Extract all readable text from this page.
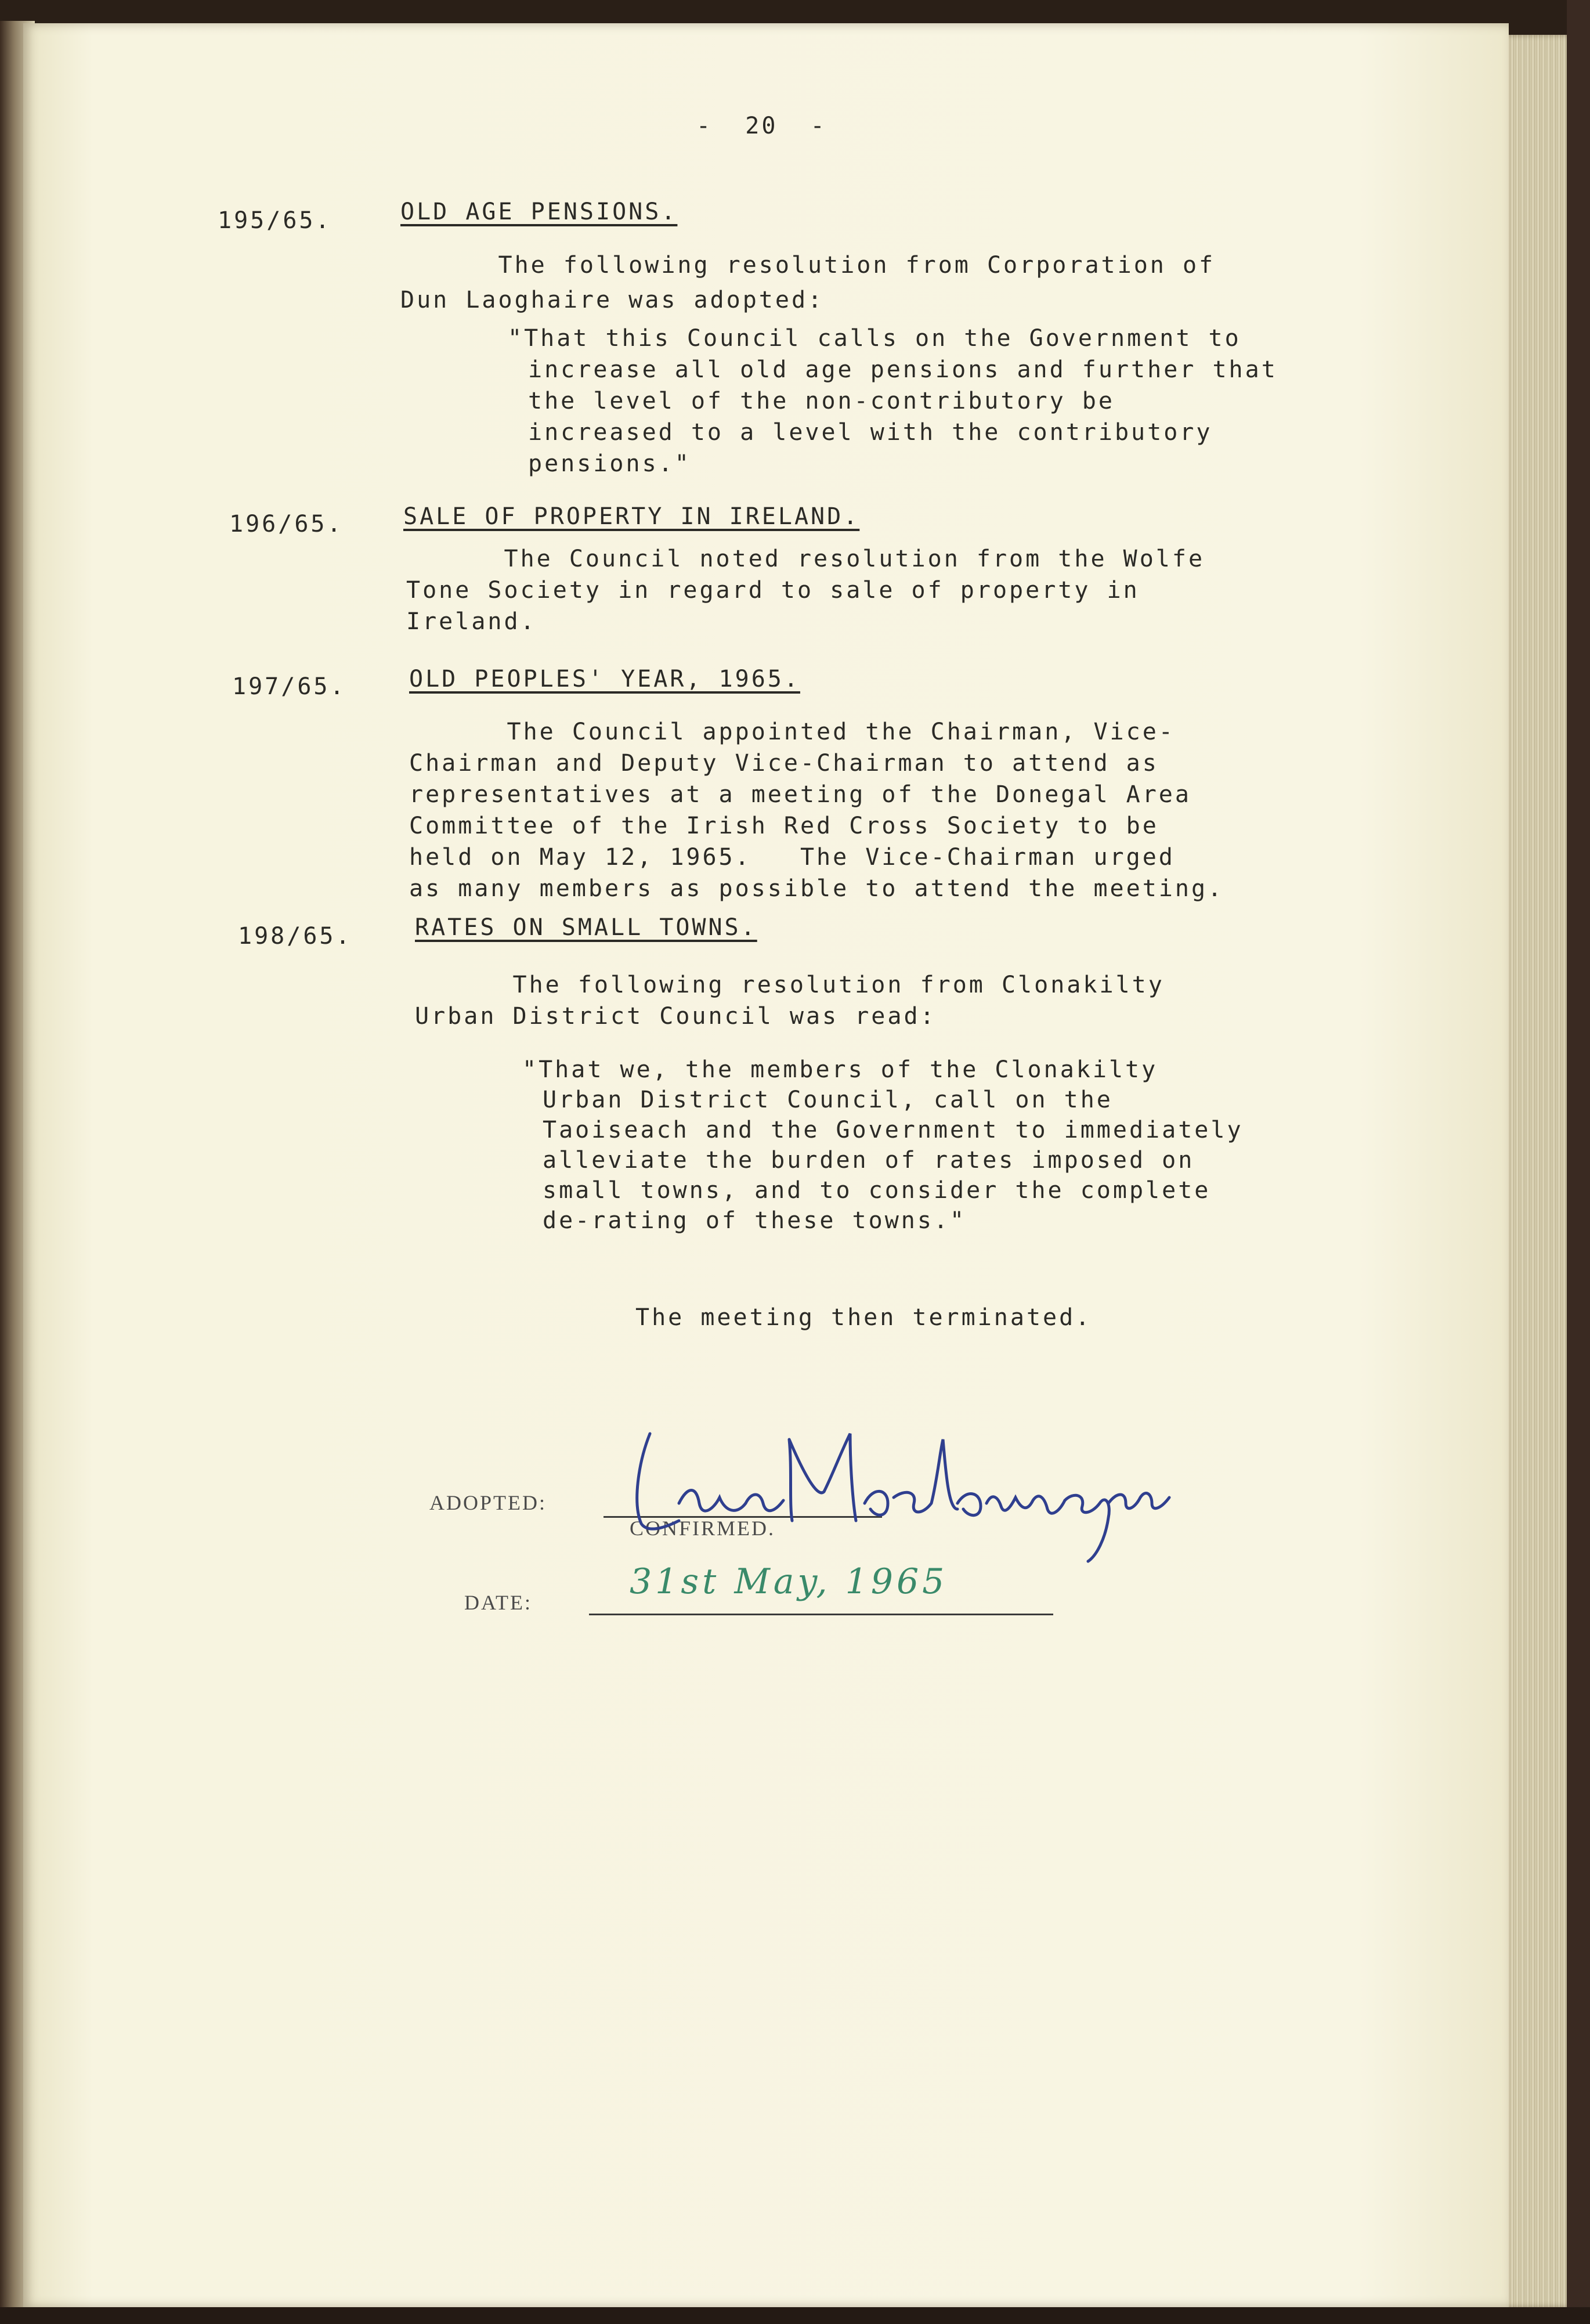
-  20  -
195/65.	OLD AGE PENSIONS.
The following resolution from Corporation of
Dun Laoghaire was adopted:
"That this Council calls on the Government to
increase all old age pensions and further that
the level of the non-contributory be
increased to a level with the contributory
pensions."
196/65.	SALE OF PROPERTY IN IRELAND.
The Council noted resolution from the Wolfe
Tone Society in regard to sale of property in
Ireland.
197/65.	OLD PEOPLES' YEAR, 1965.
The Council appointed the Chairman, Vice-
Chairman and Deputy Vice-Chairman to attend as
representatives at a meeting of the Donegal Area
Committee of the Irish Red Cross Society to be
held on May 12, 1965.   The Vice-Chairman urged
as many members as possible to attend the meeting.
198/65.	RATES ON SMALL TOWNS.
The following resolution from Clonakilty
Urban District Council was read:
"That we, the members of the Clonakilty
Urban District Council, call on the
Taoiseach and the Government to immediately
alleviate the burden of rates imposed on
small towns, and to consider the complete
de-rating of these towns."
The meeting then terminated.
ADOPTED:
CONFIRMED.
DATE:
31st May, 1965
